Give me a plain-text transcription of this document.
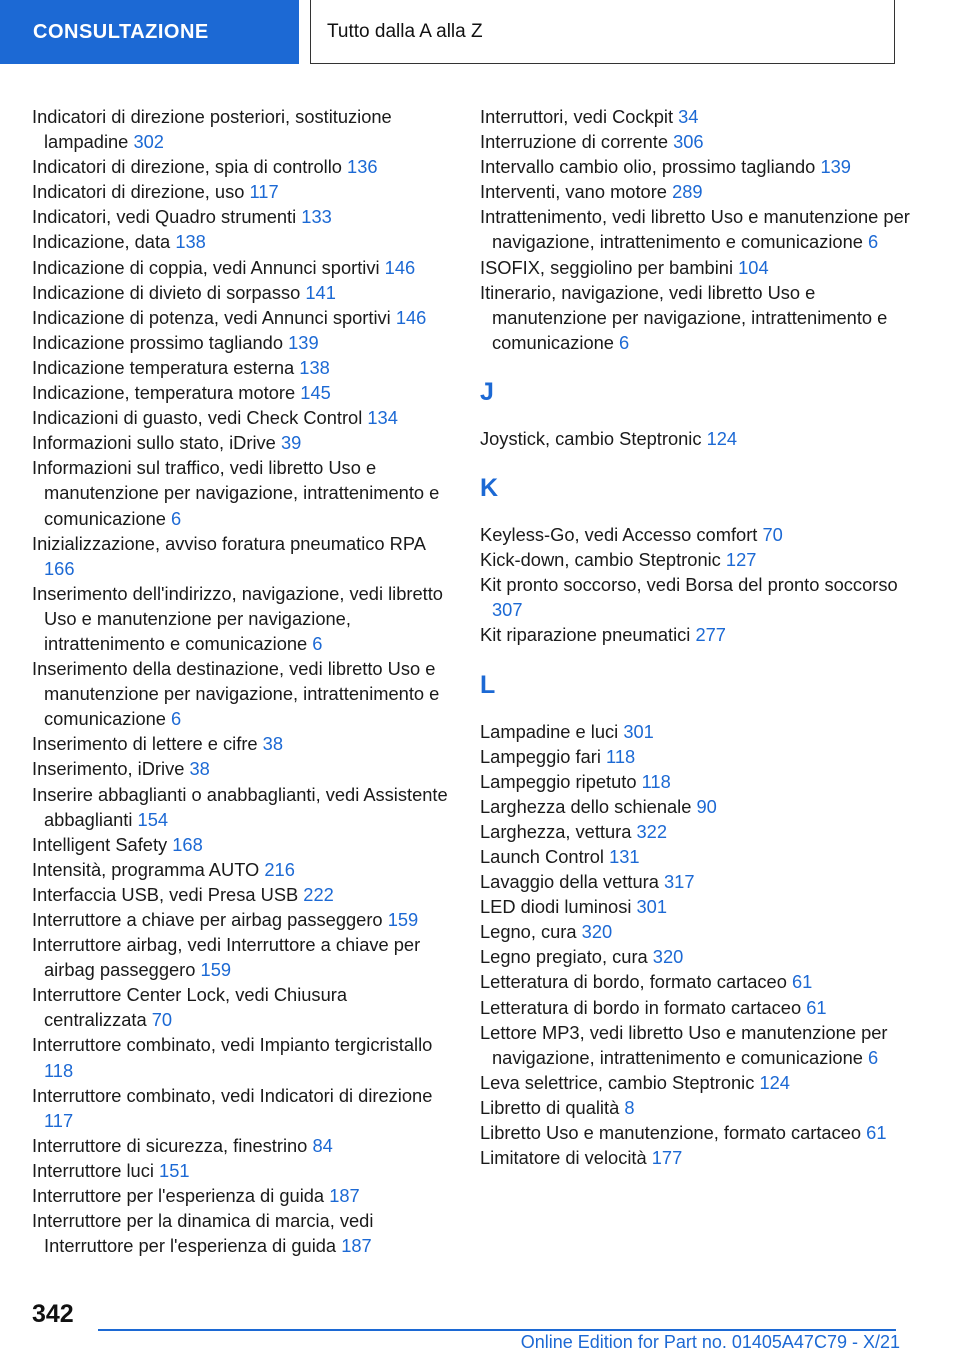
CONSULTAZIONE	Tutto dalla A alla Z
Indicatori di direzione posteriori, sostituzione lampadine 302
Indicatori di direzione, spia di controllo 136
Indicatori di direzione, uso 117
Indicatori, vedi Quadro strumenti 133
Indicazione, data 138
Indicazione di coppia, vedi Annunci sportivi 146
Indicazione di divieto di sorpasso 141
Indicazione di potenza, vedi Annunci sportivi 146
Indicazione prossimo tagliando 139
Indicazione temperatura esterna 138
Indicazione, temperatura motore 145
Indicazioni di guasto, vedi Check Control 134
Informazioni sullo stato, iDrive 39
Informazioni sul traffico, vedi libretto Uso e manutenzione per navigazione, intrattenimento e comunicazione 6
Inizializzazione, avviso foratura pneumatico RPA 166
Inserimento dell'indirizzo, navigazione, vedi libretto Uso e manutenzione per navigazione, intrattenimento e comunicazione 6
Inserimento della destinazione, vedi libretto Uso e manutenzione per navigazione, intrattenimento e comunicazione 6
Inserimento di lettere e cifre 38
Inserimento, iDrive 38
Inserire abbaglianti o anabbaglianti, vedi Assistente abbaglianti 154
Intelligent Safety 168
Intensità, programma AUTO 216
Interfaccia USB, vedi Presa USB 222
Interruttore a chiave per airbag passeggero 159
Interruttore airbag, vedi Interruttore a chiave per airbag passeggero 159
Interruttore Center Lock, vedi Chiusura centralizzata 70
Interruttore combinato, vedi Impianto tergicristallo 118
Interruttore combinato, vedi Indicatori di direzione 117
Interruttore di sicurezza, finestrino 84
Interruttore luci 151
Interruttore per l'esperienza di guida 187
Interruttore per la dinamica di marcia, vedi Interruttore per l'esperienza di guida 187
Interruttori, vedi Cockpit 34
Interruzione di corrente 306
Intervallo cambio olio, prossimo tagliando 139
Interventi, vano motore 289
Intrattenimento, vedi libretto Uso e manutenzione per navigazione, intrattenimento e comunicazione 6
ISOFIX, seggiolino per bambini 104
Itinerario, navigazione, vedi libretto Uso e manutenzione per navigazione, intrattenimento e comunicazione 6
J
Joystick, cambio Steptronic 124
K
Keyless-Go, vedi Accesso comfort 70
Kick-down, cambio Steptronic 127
Kit pronto soccorso, vedi Borsa del pronto soccorso 307
Kit riparazione pneumatici 277
L
Lampadine e luci 301
Lampeggio fari 118
Lampeggio ripetuto 118
Larghezza dello schienale 90
Larghezza, vettura 322
Launch Control 131
Lavaggio della vettura 317
LED diodi luminosi 301
Legno, cura 320
Legno pregiato, cura 320
Letteratura di bordo, formato cartaceo 61
Letteratura di bordo in formato cartaceo 61
Lettore MP3, vedi libretto Uso e manutenzione per navigazione, intrattenimento e comunicazione 6
Leva selettrice, cambio Steptronic 124
Libretto di qualità 8
Libretto Uso e manutenzione, formato cartaceo 61
Limitatore di velocità 177
342
Online Edition for Part no. 01405A47C79 - X/21
